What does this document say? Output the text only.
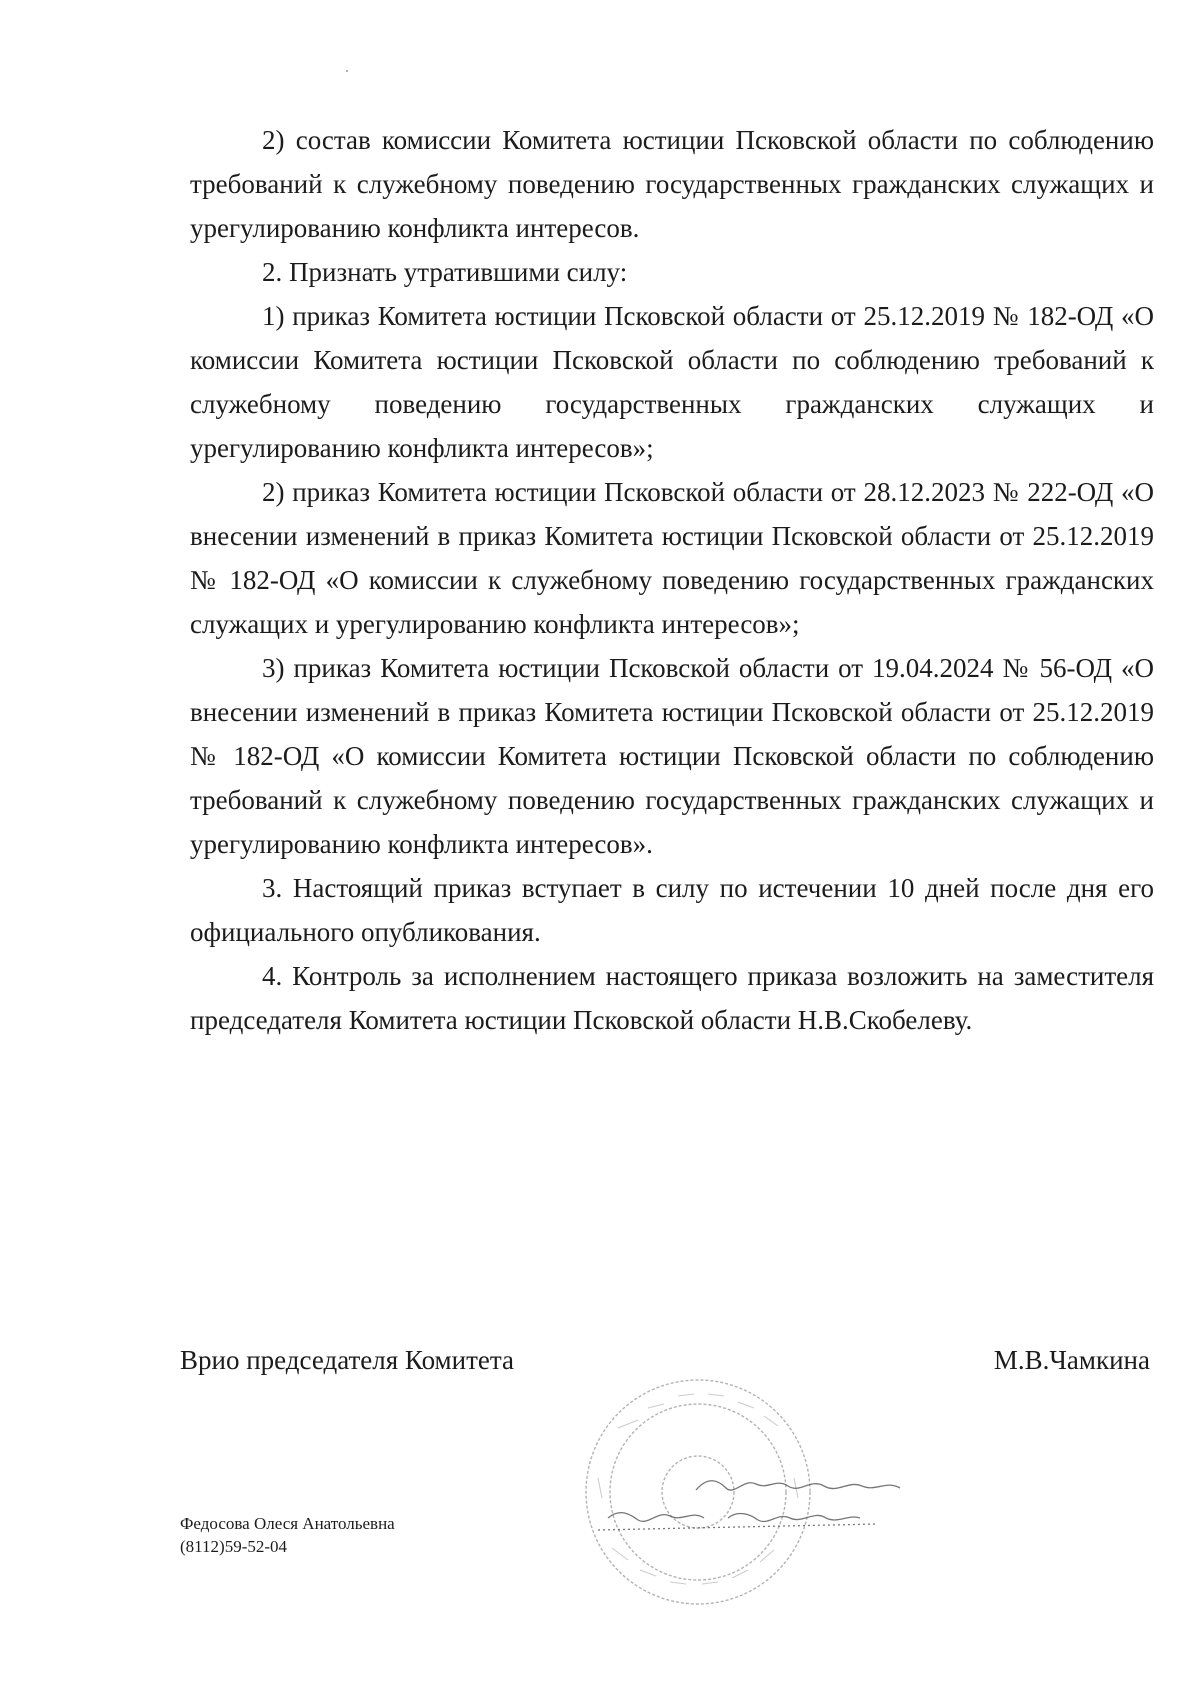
2) состав комиссии Комитета юстиции Псковской области по соблюдению требований к служебному поведению государственных гражданских служащих и урегулированию конфликта интересов.

2. Признать утратившими силу:

1) приказ Комитета юстиции Псковской области от 25.12.2019 № 182-ОД «О комиссии Комитета юстиции Псковской области по соблюдению требований к служебному поведению государственных гражданских служащих и урегулированию конфликта интересов»;

2) приказ Комитета юстиции Псковской области от 28.12.2023 № 222-ОД «О внесении изменений в приказ Комитета юстиции Псковской области от 25.12.2019 № 182-ОД «О комиссии к служебному поведению государственных гражданских служащих и урегулированию конфликта интересов»;

3) приказ Комитета юстиции Псковской области от 19.04.2024 № 56-ОД «О внесении изменений в приказ Комитета юстиции Псковской области от 25.12.2019 № 182-ОД «О комиссии Комитета юстиции Псковской области по соблюдению требований к служебному поведению государственных гражданских служащих и урегулированию конфликта интересов».

3. Настоящий приказ вступает в силу по истечении 10 дней после дня его официального опубликования.

4. Контроль за исполнением настоящего приказа возложить на заместителя председателя Комитета юстиции Псковской области Н.В.Скобелеву.

Врио председателя Комитета	М.В.Чамкина
Федосова Олеся Анатольевна
(8112)59-52-04
